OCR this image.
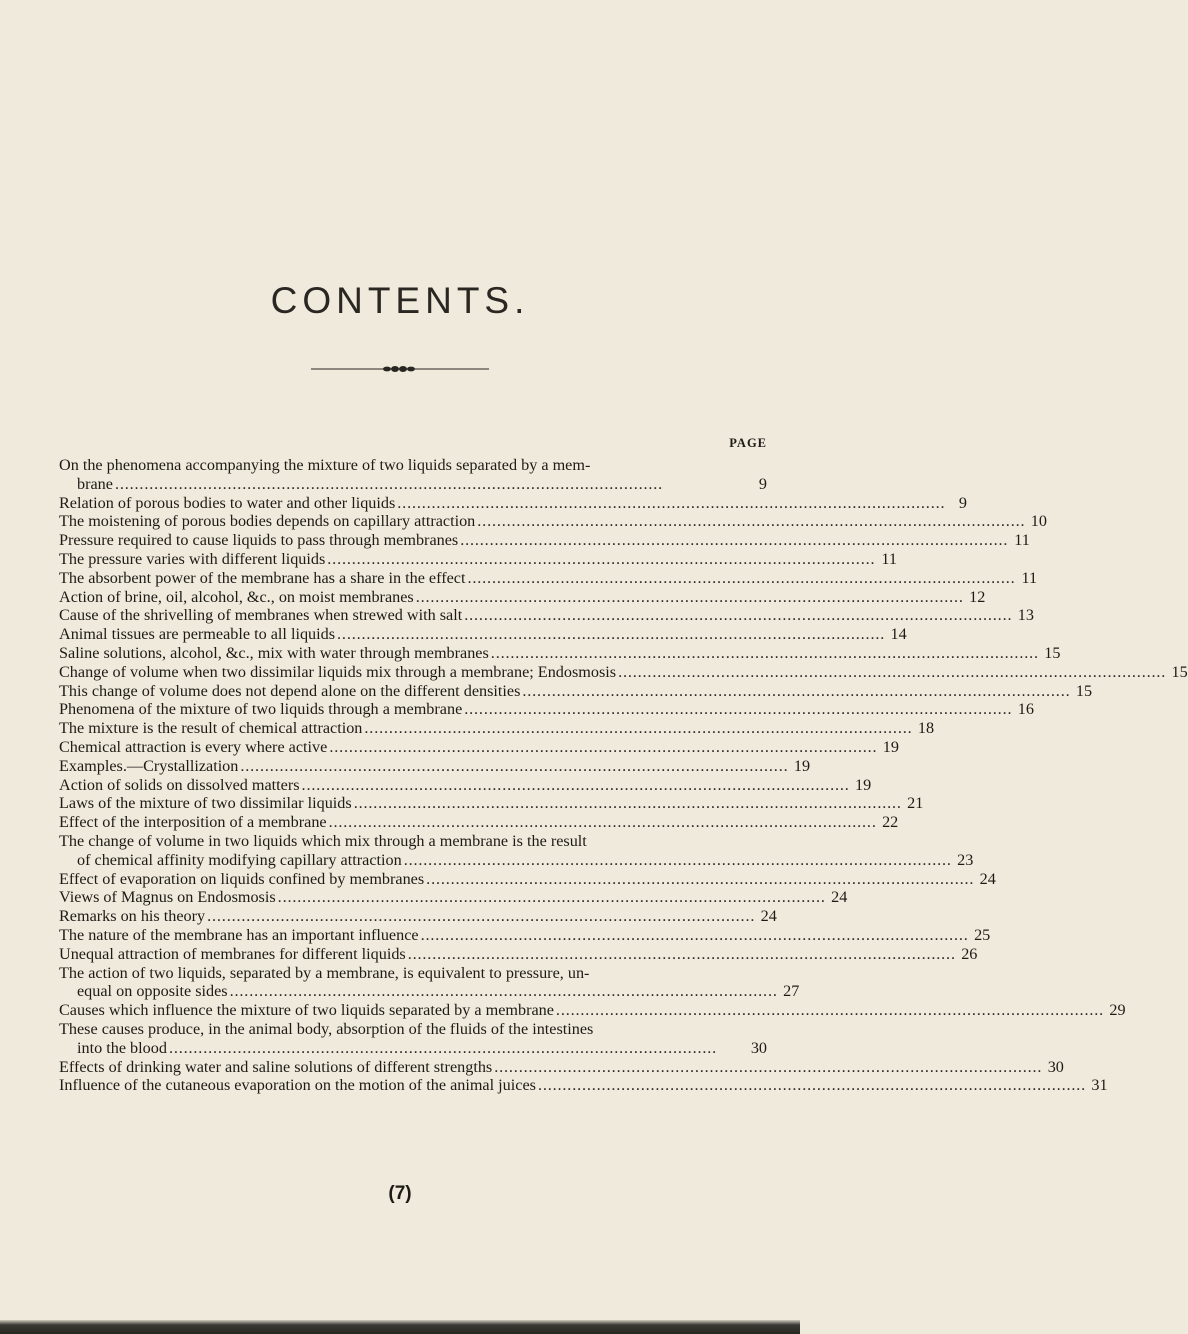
CONTENTS.
PAGE
On the phenomena accompanying the mixture of two liquids separated by a mem-
brane . . .	9
Relation of porous bodies to water and other liquids . . .	9
The moistening of porous bodies depends on capillary attraction . . .	10
Pressure required to cause liquids to pass through membranes . . .	11
The pressure varies with different liquids . . .	11
The absorbent power of the membrane has a share in the effect . . .	11
Action of brine, oil, alcohol, &c., on moist membranes . . .	12
Cause of the shrivelling of membranes when strewed with salt . . .	13
Animal tissues are permeable to all liquids . . .	14
Saline solutions, alcohol, &c., mix with water through membranes . . .	15
Change of volume when two dissimilar liquids mix through a membrane; Endosmosis . . .	15
This change of volume does not depend alone on the different densities . . .	15
Phenomena of the mixture of two liquids through a membrane . . .	16
The mixture is the result of chemical attraction . . .	18
Chemical attraction is every where active . . .	19
Examples.—Crystallization . . .	19
Action of solids on dissolved matters . . .	19
Laws of the mixture of two dissimilar liquids . . .	21
Effect of the interposition of a membrane . . .	22
The change of volume in two liquids which mix through a membrane is the result
of chemical affinity modifying capillary attraction . . .	23
Effect of evaporation on liquids confined by membranes . . .	24
Views of Magnus on Endosmosis . . .	24
Remarks on his theory . . .	24
The nature of the membrane has an important influence . . .	25
Unequal attraction of membranes for different liquids . . .	26
The action of two liquids, separated by a membrane, is equivalent to pressure, un-
equal on opposite sides . . .	27
Causes which influence the mixture of two liquids separated by a membrane . . .	29
These causes produce, in the animal body, absorption of the fluids of the intestines
into the blood . . .	30
Effects of drinking water and saline solutions of different strengths . . .	30
Influence of the cutaneous evaporation on the motion of the animal juices . . .	31
(7)
